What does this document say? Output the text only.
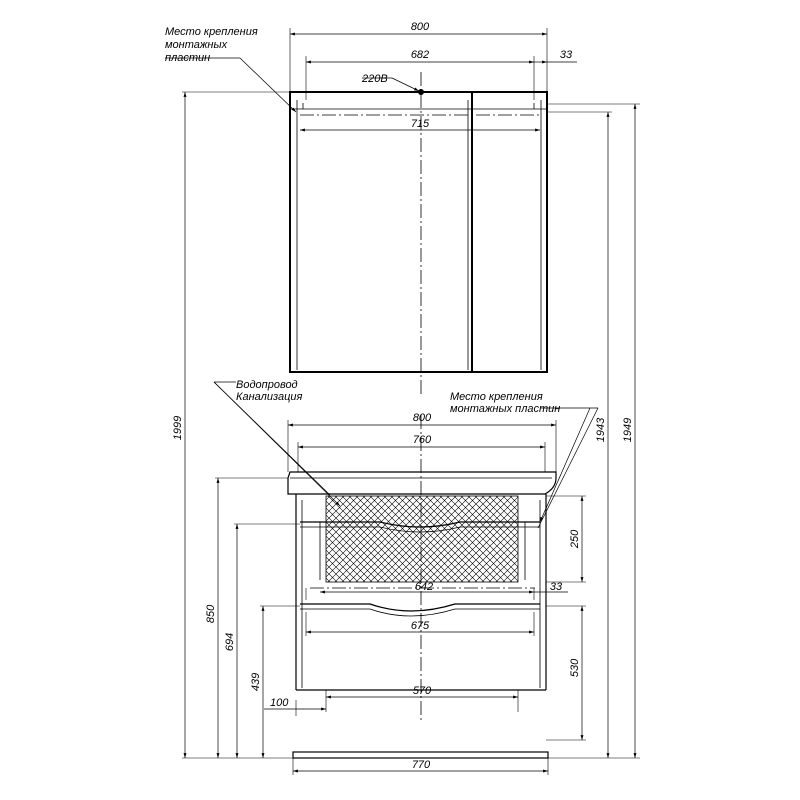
800
682	33
715
220В
Место крепления
монтажных
пластин
800
760
642	33
675
570
100
770
Водопровод
Канализация	Место крепления
монтажных пластин
1999
850
694
439
250
530
1943 1949
